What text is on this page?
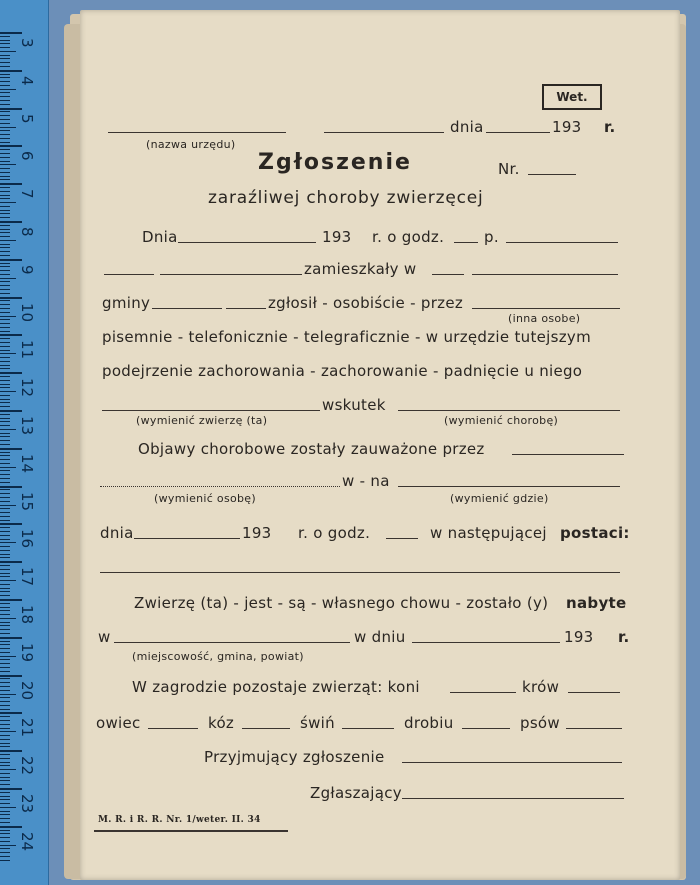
3
4
5
6
7
8
9
10
11
12
13
14
15
16
17
18
19
20
21
22
23
24
Wet.
dnia	193 r.
(nazwa urzędu)
Zgłoszenie	Nr.
zaraźliwej choroby zwierzęcej
Dnia	193 r. o godz.	p.
zamieszkały w
gminy	zgłosił - osobiście - przez
(inna osobe)
pisemnie - telefonicznie - telegraficznie - w urzędzie tutejszym
podejrzenie zachorowania - zachorowanie - padnięcie u niego
wskutek
(wymienić zwierzę (ta)	(wymienić chorobę)
Objawy chorobowe zostały zauważone przez
w - na
(wymienić osobę)	(wymienić gdzie)
dnia	193 r. o godz.	w następującej postaci:
Zwierzę (ta) - jest - są - własnego chowu - zostało (y) nabyte
w	w dniu	193 r.
(miejscowość, gmina, powiat)
W zagrodzie pozostaje zwierząt: koni	krów
owiec	kóz	świń	drobiu	psów
Przyjmujący zgłoszenie
Zgłaszający
M. R. i R. R. Nr. 1/weter. II. 34
